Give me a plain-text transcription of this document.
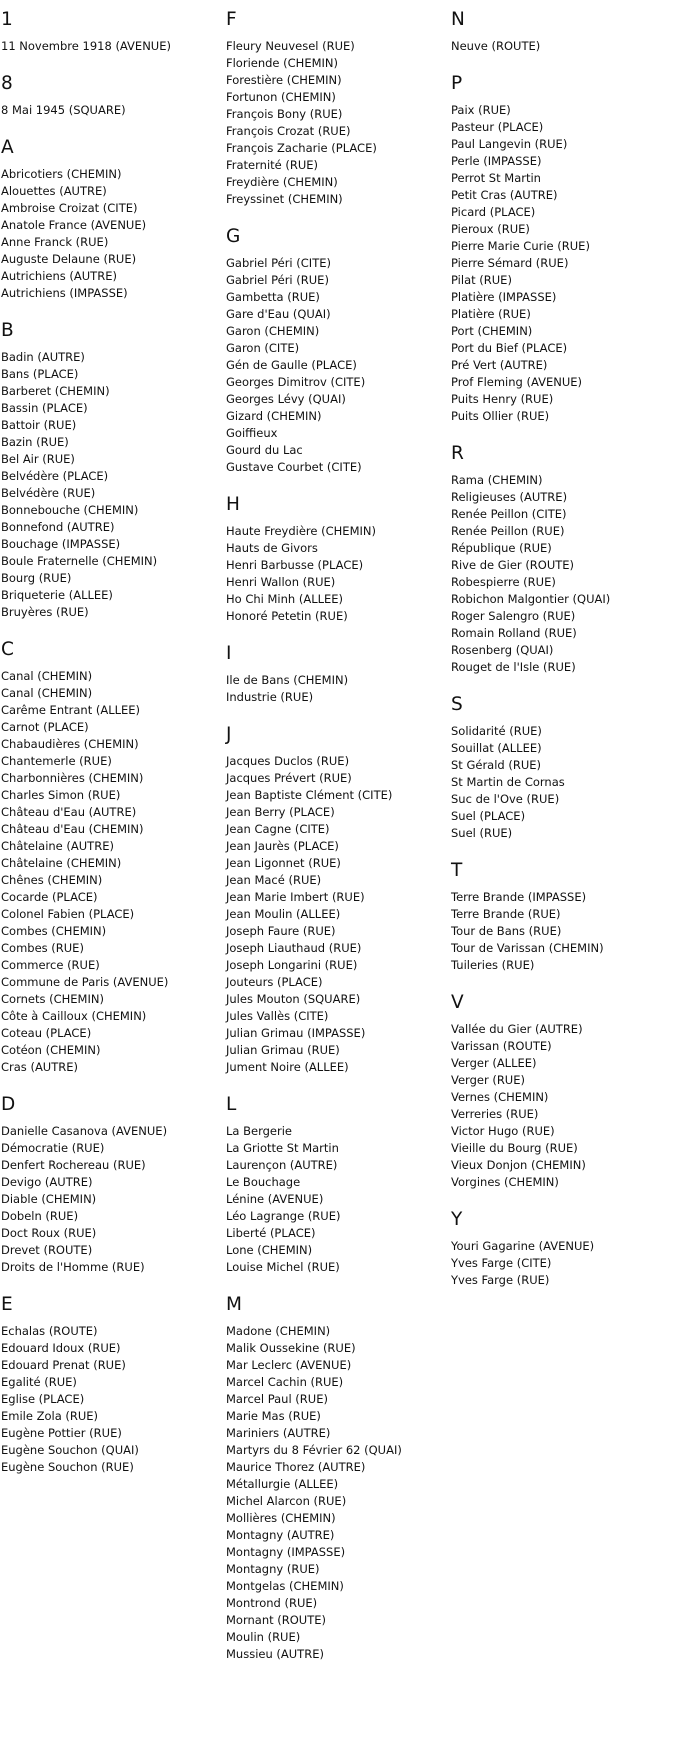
1
11 Novembre 1918 (AVENUE)
8
8 Mai 1945 (SQUARE)
A
Abricotiers (CHEMIN)
Alouettes (AUTRE)
Ambroise Croizat (CITE)
Anatole France (AVENUE)
Anne Franck (RUE)
Auguste Delaune (RUE)
Autrichiens (AUTRE)
Autrichiens (IMPASSE)
B
Badin (AUTRE)
Bans (PLACE)
Barberet (CHEMIN)
Bassin (PLACE)
Battoir (RUE)
Bazin (RUE)
Bel Air (RUE)
Belvédère (PLACE)
Belvédère (RUE)
Bonnebouche (CHEMIN)
Bonnefond (AUTRE)
Bouchage (IMPASSE)
Boule Fraternelle (CHEMIN)
Bourg (RUE)
Briqueterie (ALLEE)
Bruyères (RUE)
C
Canal (CHEMIN)
Canal (CHEMIN)
Carême Entrant (ALLEE)
Carnot (PLACE)
Chabaudières (CHEMIN)
Chantemerle (RUE)
Charbonnières (CHEMIN)
Charles Simon (RUE)
Château d'Eau (AUTRE)
Château d'Eau (CHEMIN)
Châtelaine (AUTRE)
Châtelaine (CHEMIN)
Chênes (CHEMIN)
Cocarde (PLACE)
Colonel Fabien (PLACE)
Combes (CHEMIN)
Combes (RUE)
Commerce (RUE)
Commune de Paris (AVENUE)
Cornets (CHEMIN)
Côte à Cailloux (CHEMIN)
Coteau (PLACE)
Cotéon (CHEMIN)
Cras (AUTRE)
D
Danielle Casanova (AVENUE)
Démocratie (RUE)
Denfert Rochereau (RUE)
Devigo (AUTRE)
Diable (CHEMIN)
Dobeln (RUE)
Doct Roux (RUE)
Drevet (ROUTE)
Droits de l'Homme (RUE)
E
Echalas (ROUTE)
Edouard Idoux (RUE)
Edouard Prenat (RUE)
Egalité (RUE)
Eglise (PLACE)
Emile Zola (RUE)
Eugène Pottier (RUE)
Eugène Souchon (QUAI)
Eugène Souchon (RUE)
F
Fleury Neuvesel (RUE)
Floriende (CHEMIN)
Forestière (CHEMIN)
Fortunon (CHEMIN)
François Bony (RUE)
François Crozat (RUE)
François Zacharie (PLACE)
Fraternité (RUE)
Freydière (CHEMIN)
Freyssinet (CHEMIN)
G
Gabriel Péri (CITE)
Gabriel Péri (RUE)
Gambetta (RUE)
Gare d'Eau (QUAI)
Garon (CHEMIN)
Garon (CITE)
Gén de Gaulle (PLACE)
Georges Dimitrov (CITE)
Georges Lévy (QUAI)
Gizard (CHEMIN)
Goiffieux
Gourd du Lac
Gustave Courbet (CITE)
H
Haute Freydière (CHEMIN)
Hauts de Givors
Henri Barbusse (PLACE)
Henri Wallon (RUE)
Ho Chi Minh (ALLEE)
Honoré Petetin (RUE)
I
Ile de Bans (CHEMIN)
Industrie (RUE)
J
Jacques Duclos (RUE)
Jacques Prévert (RUE)
Jean Baptiste Clément (CITE)
Jean Berry (PLACE)
Jean Cagne (CITE)
Jean Jaurès (PLACE)
Jean Ligonnet (RUE)
Jean Macé (RUE)
Jean Marie Imbert (RUE)
Jean Moulin (ALLEE)
Joseph Faure (RUE)
Joseph Liauthaud (RUE)
Joseph Longarini (RUE)
Jouteurs (PLACE)
Jules Mouton (SQUARE)
Jules Vallès (CITE)
Julian Grimau (IMPASSE)
Julian Grimau (RUE)
Jument Noire (ALLEE)
L
La Bergerie
La Griotte St Martin
Laurençon (AUTRE)
Le Bouchage
Lénine (AVENUE)
Léo Lagrange (RUE)
Liberté (PLACE)
Lone (CHEMIN)
Louise Michel (RUE)
M
Madone (CHEMIN)
Malik Oussekine (RUE)
Mar Leclerc (AVENUE)
Marcel Cachin (RUE)
Marcel Paul (RUE)
Marie Mas (RUE)
Mariniers (AUTRE)
Martyrs du 8 Février 62 (QUAI)
Maurice Thorez (AUTRE)
Métallurgie (ALLEE)
Michel Alarcon (RUE)
Mollières (CHEMIN)
Montagny (AUTRE)
Montagny (IMPASSE)
Montagny (RUE)
Montgelas (CHEMIN)
Montrond (RUE)
Mornant (ROUTE)
Moulin (RUE)
Mussieu (AUTRE)
N
Neuve (ROUTE)
P
Paix (RUE)
Pasteur (PLACE)
Paul Langevin (RUE)
Perle (IMPASSE)
Perrot St Martin
Petit Cras (AUTRE)
Picard (PLACE)
Pieroux (RUE)
Pierre Marie Curie (RUE)
Pierre Sémard (RUE)
Pilat (RUE)
Platière (IMPASSE)
Platière (RUE)
Port (CHEMIN)
Port du Bief (PLACE)
Pré Vert (AUTRE)
Prof Fleming (AVENUE)
Puits Henry (RUE)
Puits Ollier (RUE)
R
Rama (CHEMIN)
Religieuses (AUTRE)
Renée Peillon (CITE)
Renée Peillon (RUE)
République (RUE)
Rive de Gier (ROUTE)
Robespierre (RUE)
Robichon Malgontier (QUAI)
Roger Salengro (RUE)
Romain Rolland (RUE)
Rosenberg (QUAI)
Rouget de l'Isle (RUE)
S
Solidarité (RUE)
Souillat (ALLEE)
St Gérald (RUE)
St Martin de Cornas
Suc de l'Ove (RUE)
Suel (PLACE)
Suel (RUE)
T
Terre Brande (IMPASSE)
Terre Brande (RUE)
Tour de Bans (RUE)
Tour de Varissan (CHEMIN)
Tuileries (RUE)
V
Vallée du Gier (AUTRE)
Varissan (ROUTE)
Verger (ALLEE)
Verger (RUE)
Vernes (CHEMIN)
Verreries (RUE)
Victor Hugo (RUE)
Vieille du Bourg (RUE)
Vieux Donjon (CHEMIN)
Vorgines (CHEMIN)
Y
Youri Gagarine (AVENUE)
Yves Farge (CITE)
Yves Farge (RUE)
